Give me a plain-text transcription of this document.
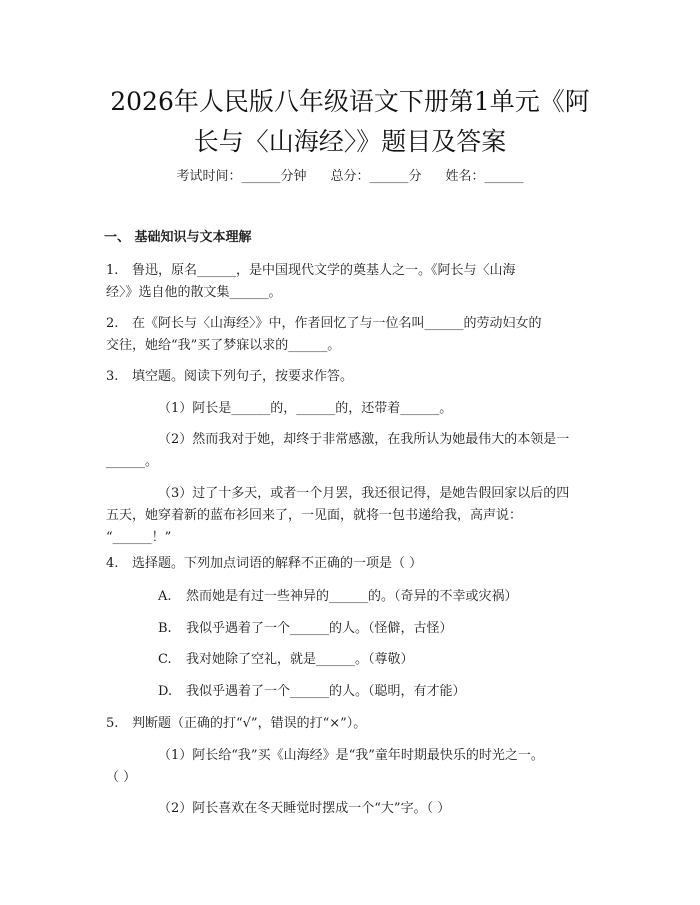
2026年人民版八年级语文下册第1单元《阿
长与〈山海经〉》题目及答案
考试时间：______分钟 总分：______分 姓名：______
一、 基础知识与文本理解
1. 鲁迅，原名______，是中国现代文学的奠基人之一。《阿长与〈山海
经〉》选自他的散文集______。
2. 在《阿长与〈山海经〉》中，作者回忆了与一位名叫______的劳动妇女的
交往，她给“我”买了梦寐以求的______。
3. 填空题。阅读下列句子，按要求作答。
（1）阿长是______的，______的，还带着______。
（2）然而我对于她，却终于非常感激，在我所认为她最伟大的本领是一
______。
（3）过了十多天，或者一个月罢，我还很记得，是她告假回家以后的四
五天，她穿着新的蓝布衫回来了，一见面，就将一包书递给我，高声说：
“______！”
4. 选择题。下列加点词语的解释不正确的一项是（ ）
A. 然而她是有过一些神异的______的。（奇异的不幸或灾祸）
B. 我似乎遇着了一个______的人。（怪僻，古怪）
C. 我对她除了空礼，就是______。（尊敬）
D. 我似乎遇着了一个______的人。（聪明，有才能）
5. 判断题（正确的打“√”，错误的打“×”）。
（1）阿长给“我”买《山海经》是“我”童年时期最快乐的时光之一。
（ ）
（2）阿长喜欢在冬天睡觉时摆成一个“大”字。（ ）
